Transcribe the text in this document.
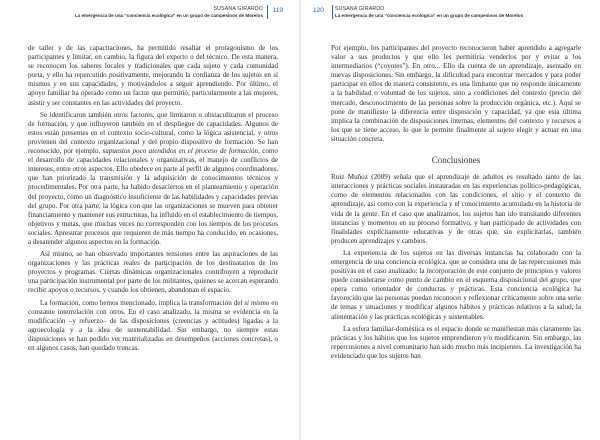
SUSANA GIRARDO
La emergencia de una “conciencia ecológica” en un grupo de campesinos de Morelos
119

de taller y de las capacitaciones, ha permitido resaltar el protagonismo de los participantes y limitar, en cambio, la figura del experto o del técnico. De esta manera, se reconocen los saberes locales y tradicionales que cada sujeto y cada comunidad porta, y ello ha repercutido positivamente, mejorando la confianza de los sujetos en sí mismos y en sus capacidades, y motivándolos a seguir aprendiendo. Por último, el apoyo familiar ha operado como un factor que permitió, particularmente a las mujeres, asistir y ser constantes en las actividades del proyecto.

Se identificaron también otros factores, que limitaron u obstaculizaron el proceso de formación, y que influyeron también en el despliegue de capacidades. Algunos de estos están presentes en el contexto socio-cultural, como la lógica asistencial, y otros provienen del contexto organizacional y del propio dispositivo de formación. Se han reconocido, por ejemplo, supuestos poco atendidos en el proceso de formación, como el desarrollo de capacidades relacionales y organizativas, el manejo de conflictos de intereses, entre otros aspectos. Ello obedece en parte al perfil de algunos coordinadores, que han priorizado la transmisión y la adquisición de conocimientos técnicos y procedimentales. Por otra parte, ha habido desaciertos en el planteamiento y operación del proyecto, como un diagnóstico insuficiente de las habilidades y capacidades previas del grupo. Por otra parte, la lógica con que las organizaciones se mueven para obtener financiamiento y mantener sus estructuras, ha influido en el establecimiento de tiempos, objetivos y metas, que muchas veces no corresponden con los tiempos de los procesos sociales. Apresurar procesos que requieren de más tiempo ha conducido, en ocasiones, a desatender algunos aspectos en la formación.

Así mismo, se han observado importantes tensiones entre las aspiraciones de las organizaciones y las prácticas reales de participación de los destinatarios de los proyectos y programas. Ciertas dinámicas organizacionales contribuyen a reproducir una participación instrumental por parte de los militantes, quienes se acercan esperando recibir apoyos o recursos, y cuando los obtienen, abandonan el espacio.

La formación, como hemos mencionado, implica la transformación del sí mismo en constante interrelación con otros. En el caso analizado, la misma se evidencia en la modificación –y refuerzo– de las disposiciones (creencias y actitudes) ligadas a la agroecología y a la idea de sustentabilidad. Sin embargo, no siempre estas disposiciones se han podido ver materializadas en desempeños (acciones concretas), o en algunos casos, han quedado truncas.

120 SUSANA GIRARDO
La emergencia de una “conciencia ecológica” en un grupo de campesinos de Morelos

Por ejemplo, los participantes del proyecto reconocieron haber aprendido a agregarle valor a sus productos y que ello les permitiría venderlos por y evitar a los intermediarios (“coyotes”). En otro... Ello da cuenta de un aprendizaje, asentado en nuevas disposiciones. Sin embargo, la dificultad para encontrar mercados y para poder participar en ellos de manera consistente, es una limitante que no responde únicamente a la habilidad o voluntad de los sujetos, sino a condiciones del contexto (precio del mercado, desconocimiento de las personas sobre la producción orgánica, etc.). Aquí se pone de manifiesto la diferencia entre disposición y capacidad, ya que esta última implica la combinación de disposiciones internas, elementos del contexto y recursos a los que se tiene acceso, lo que le permite finalmente al sujeto elegir y actuar en una situación concreta.

Conclusiones

Ruiz Muñoz (2009) señala que el aprendizaje de adultos es resultado tanto de las interacciones y prácticas sociales instauradas en las experiencias político-pedagógicas, como de elementos relacionados con las condiciones, el sitio y el contexto de aprendizaje, así como con la experiencia y el conocimiento acumulado en la historia de vida de la gente. En el caso que analizamos, los sujetos han ido transitando diferentes instancias y momentos en su proceso formativo, y han participado de actividades con finalidades explícitamente educativas y de otras que, sin explicitarlas, también producen aprendizajes y cambios.

La experiencia de los sujetos en las diversas instancias ha colaborado con la emergencia de una conciencia ecológica, que se considera una de las repercusiones más positivas en el caso analizado: la incorporación de este conjunto de principios y valores puede considerarse como punto de cambio en el esquema disposicional del grupo, que opera como orientador de conductas y prácticas. Esta conciencia ecológica ha favorecido que las personas puedan reconocer y reflexionar críticamente sobre una serie de temas y situaciones y modificar algunos hábitos y prácticas relativos a la salud, la alimentación y las prácticas ecológicas y sustentables.

La esfera familiar-doméstica es el espacio donde se manifiestan más claramente las prácticas y los hábitos que los sujetos emprendieron y/o modificaron. Sin embargo, las repercusiones a nivel comunitario han sido mucho más incipientes. La investigación ha evidenciado que los sujetos han
